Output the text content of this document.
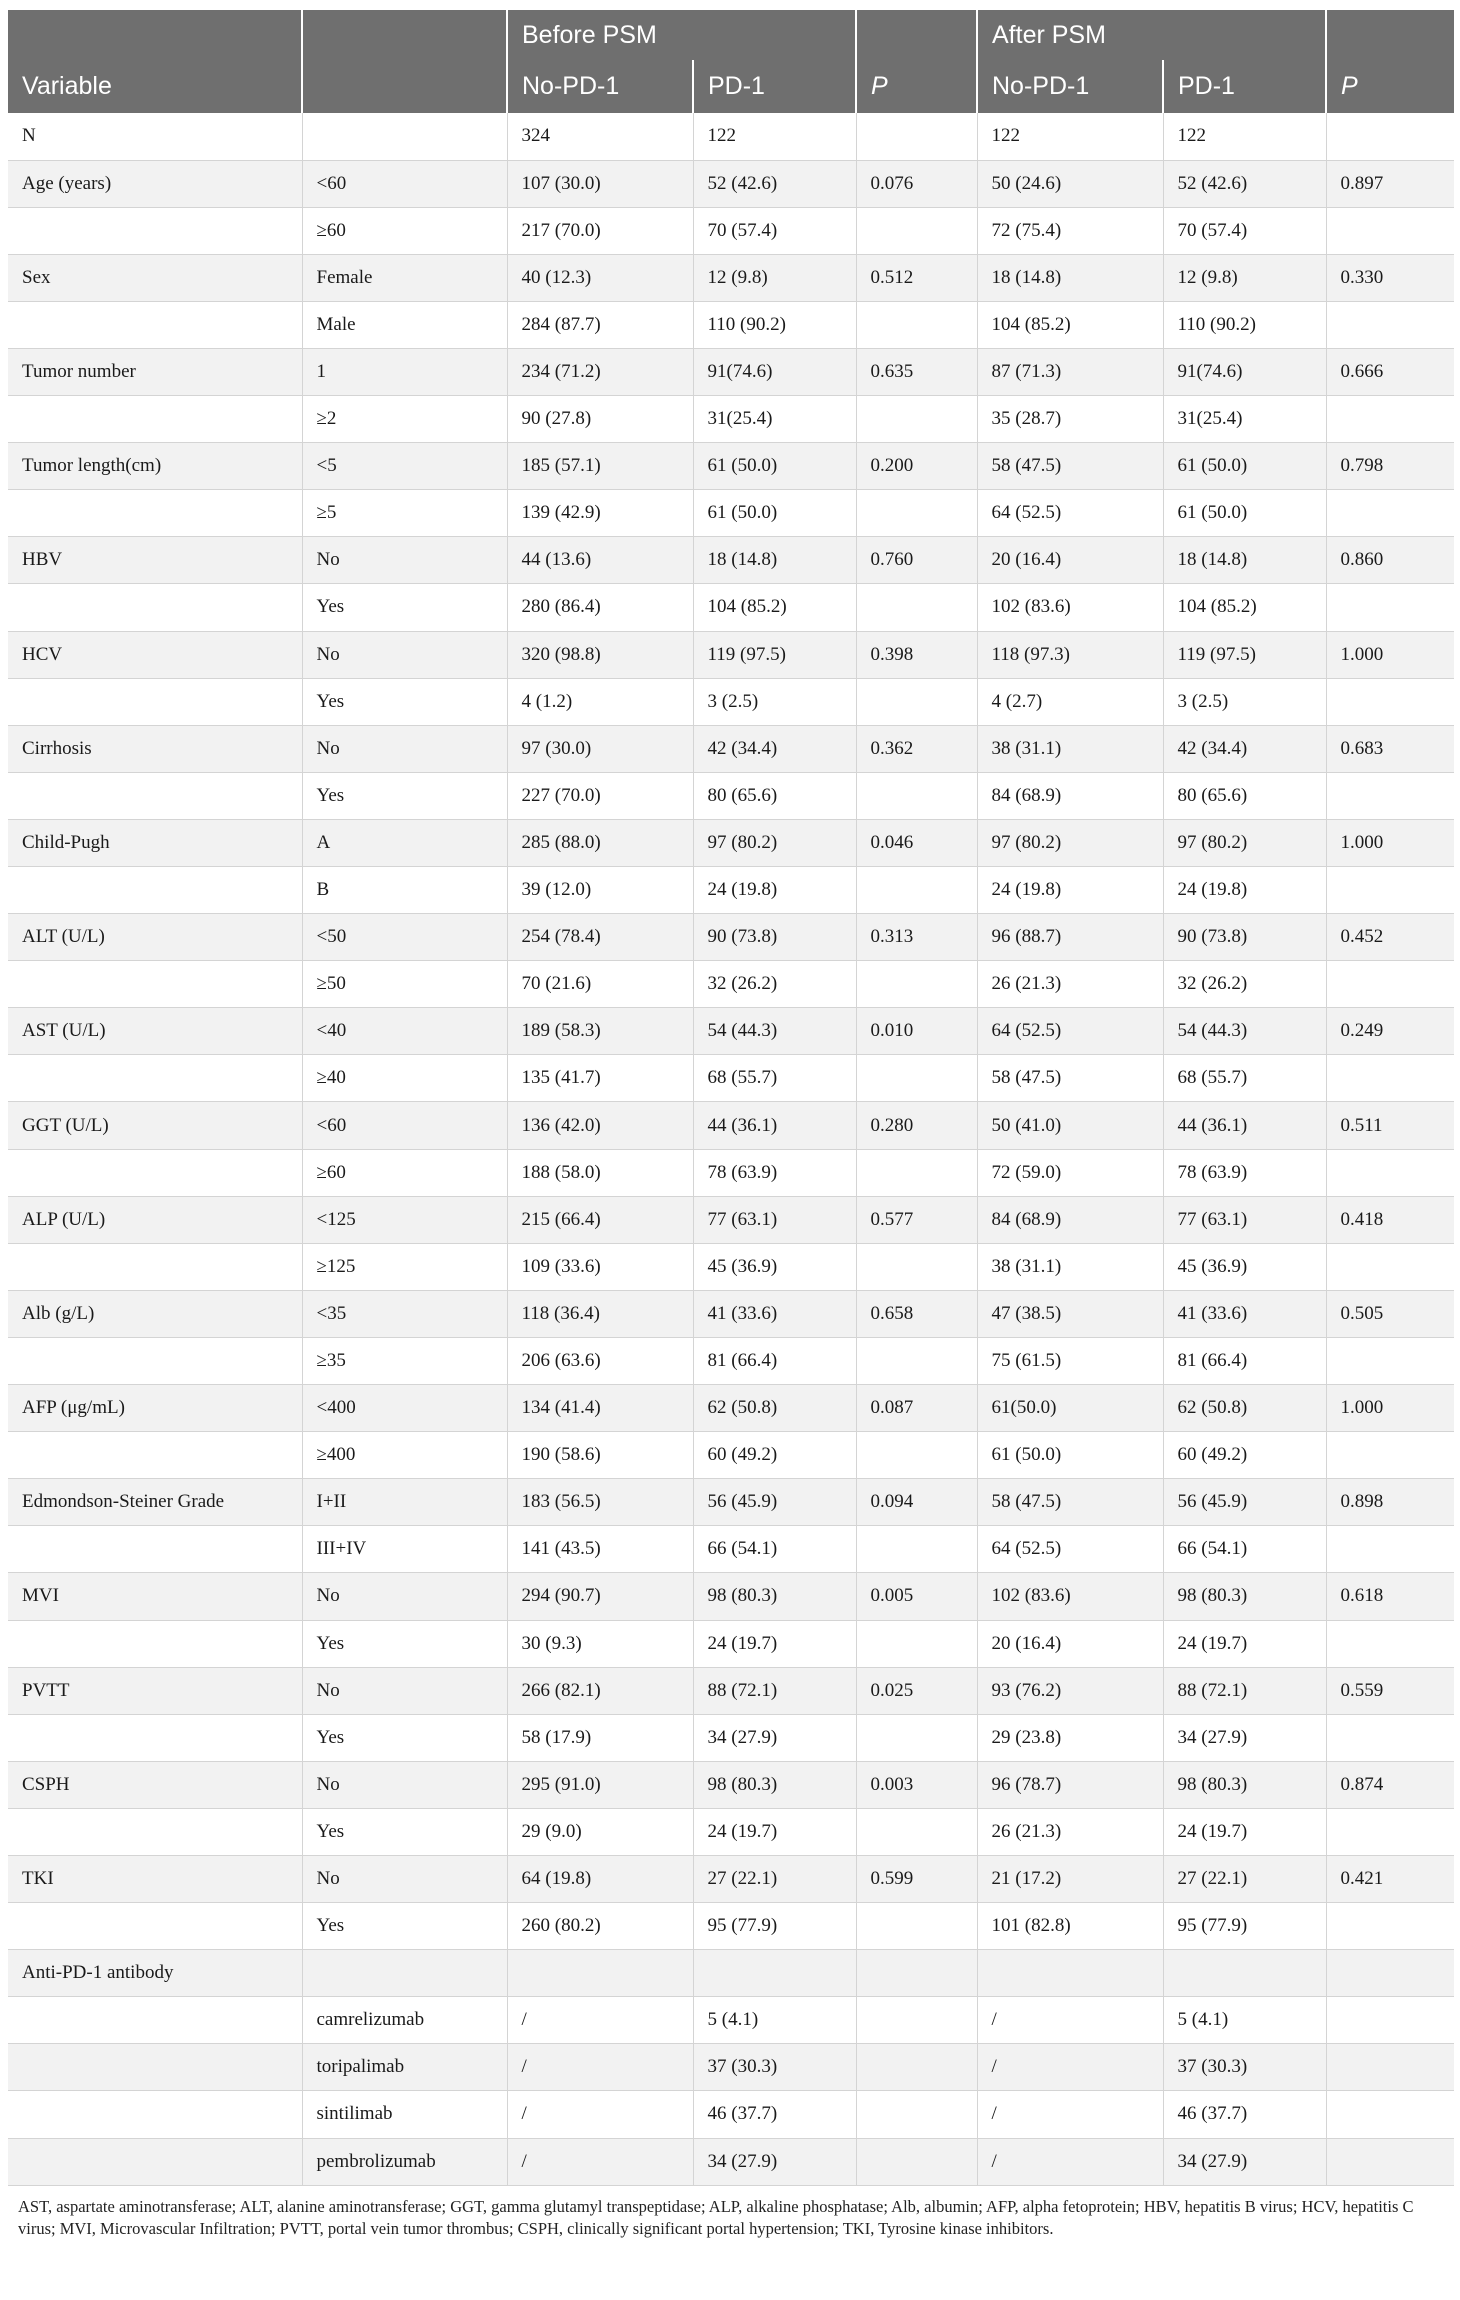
		Before PSM			After PSM		
Variable		No-PD-1	PD-1	P	No-PD-1	PD-1	P
N		324	122		122	122	
Age (years)	<60	107 (30.0)	52 (42.6)	0.076	50 (24.6)	52 (42.6)	0.897
	≥60	217 (70.0)	70 (57.4)		72 (75.4)	70 (57.4)	
Sex	Female	40 (12.3)	12 (9.8)	0.512	18 (14.8)	12 (9.8)	0.330
	Male	284 (87.7)	110 (90.2)		104 (85.2)	110 (90.2)	
Tumor number	1	234 (71.2)	91(74.6)	0.635	87 (71.3)	91(74.6)	0.666
	≥2	90 (27.8)	31(25.4)		35 (28.7)	31(25.4)	
Tumor length(cm)	<5	185 (57.1)	61 (50.0)	0.200	58 (47.5)	61 (50.0)	0.798
	≥5	139 (42.9)	61 (50.0)		64 (52.5)	61 (50.0)	
HBV	No	44 (13.6)	18 (14.8)	0.760	20 (16.4)	18 (14.8)	0.860
	Yes	280 (86.4)	104 (85.2)		102 (83.6)	104 (85.2)	
HCV	No	320 (98.8)	119 (97.5)	0.398	118 (97.3)	119 (97.5)	1.000
	Yes	4 (1.2)	3 (2.5)		4 (2.7)	3 (2.5)	
Cirrhosis	No	97 (30.0)	42 (34.4)	0.362	38 (31.1)	42 (34.4)	0.683
	Yes	227 (70.0)	80 (65.6)		84 (68.9)	80 (65.6)	
Child-Pugh	A	285 (88.0)	97 (80.2)	0.046	97 (80.2)	97 (80.2)	1.000
	B	39 (12.0)	24 (19.8)		24 (19.8)	24 (19.8)	
ALT (U/L)	<50	254 (78.4)	90 (73.8)	0.313	96 (88.7)	90 (73.8)	0.452
	≥50	70 (21.6)	32 (26.2)		26 (21.3)	32 (26.2)	
AST (U/L)	<40	189 (58.3)	54 (44.3)	0.010	64 (52.5)	54 (44.3)	0.249
	≥40	135 (41.7)	68 (55.7)		58 (47.5)	68 (55.7)	
GGT (U/L)	<60	136 (42.0)	44 (36.1)	0.280	50 (41.0)	44 (36.1)	0.511
	≥60	188 (58.0)	78 (63.9)		72 (59.0)	78 (63.9)	
ALP (U/L)	<125	215 (66.4)	77 (63.1)	0.577	84 (68.9)	77 (63.1)	0.418
	≥125	109 (33.6)	45 (36.9)		38 (31.1)	45 (36.9)	
Alb (g/L)	<35	118 (36.4)	41 (33.6)	0.658	47 (38.5)	41 (33.6)	0.505
	≥35	206 (63.6)	81 (66.4)		75 (61.5)	81 (66.4)	
AFP (μg/mL)	<400	134 (41.4)	62 (50.8)	0.087	61(50.0)	62 (50.8)	1.000
	≥400	190 (58.6)	60 (49.2)		61 (50.0)	60 (49.2)	
Edmondson-Steiner Grade	I+II	183 (56.5)	56 (45.9)	0.094	58 (47.5)	56 (45.9)	0.898
	III+IV	141 (43.5)	66 (54.1)		64 (52.5)	66 (54.1)	
MVI	No	294 (90.7)	98 (80.3)	0.005	102 (83.6)	98 (80.3)	0.618
	Yes	30 (9.3)	24 (19.7)		20 (16.4)	24 (19.7)	
PVTT	No	266 (82.1)	88 (72.1)	0.025	93 (76.2)	88 (72.1)	0.559
	Yes	58 (17.9)	34 (27.9)		29 (23.8)	34 (27.9)	
CSPH	No	295 (91.0)	98 (80.3)	0.003	96 (78.7)	98 (80.3)	0.874
	Yes	29 (9.0)	24 (19.7)		26 (21.3)	24 (19.7)	
TKI	No	64 (19.8)	27 (22.1)	0.599	21 (17.2)	27 (22.1)	0.421
	Yes	260 (80.2)	95 (77.9)		101 (82.8)	95 (77.9)	
Anti-PD-1 antibody							
	camrelizumab	/	5 (4.1)		/	5 (4.1)	
	toripalimab	/	37 (30.3)		/	37 (30.3)	
	sintilimab	/	46 (37.7)		/	46 (37.7)	
	pembrolizumab	/	34 (27.9)		/	34 (27.9)	
AST, aspartate aminotransferase; ALT, alanine aminotransferase; GGT, gamma glutamyl transpeptidase; ALP, alkaline phosphatase; Alb, albumin; AFP, alpha fetoprotein; HBV, hepatitis B virus; HCV, hepatitis C virus; MVI, Microvascular Infiltration; PVTT, portal vein tumor thrombus; CSPH, clinically significant portal hypertension; TKI, Tyrosine kinase inhibitors.
